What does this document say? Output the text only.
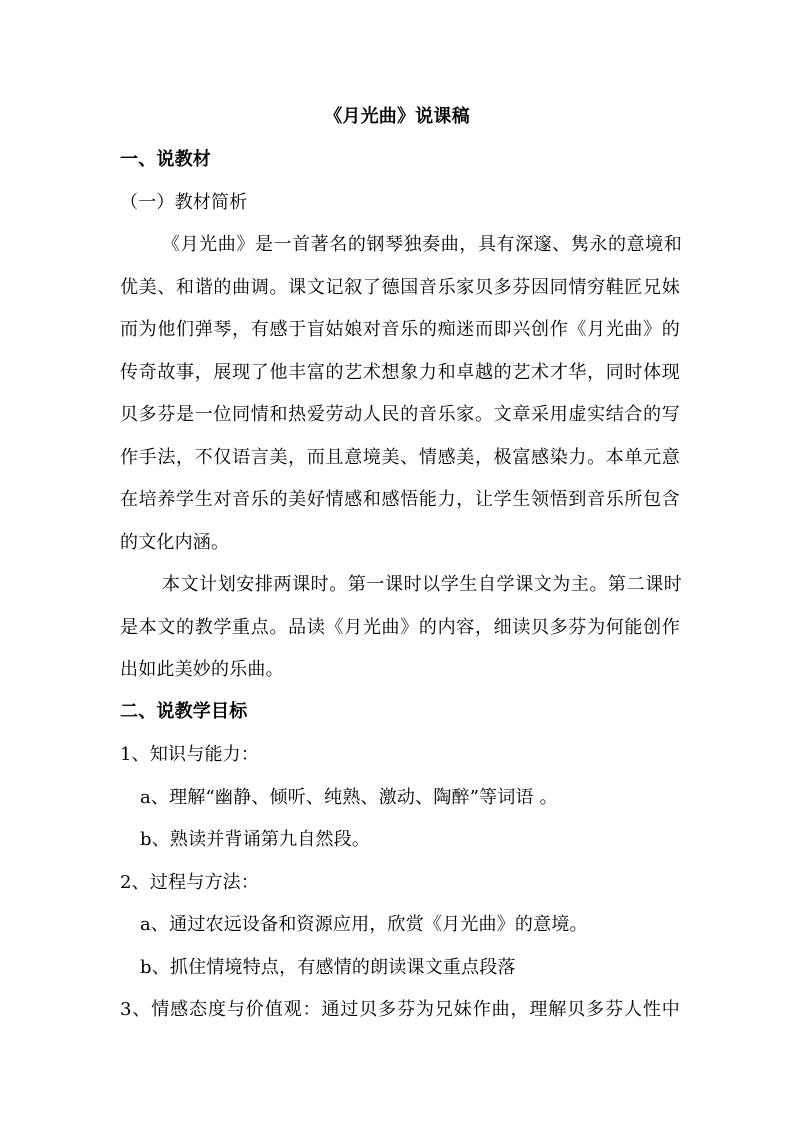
《月光曲》说课稿
一、说教材
（一）教材简析
《月光曲》是一首著名的钢琴独奏曲，具有深邃、隽永的意境和
优美、和谐的曲调。课文记叙了德国音乐家贝多芬因同情穷鞋匠兄妹
而为他们弹琴，有感于盲姑娘对音乐的痴迷而即兴创作《月光曲》的
传奇故事，展现了他丰富的艺术想象力和卓越的艺术才华，同时体现
贝多芬是一位同情和热爱劳动人民的音乐家。文章采用虚实结合的写
作手法，不仅语言美，而且意境美、情感美，极富感染力。本单元意
在培养学生对音乐的美好情感和感悟能力，让学生领悟到音乐所包含
的文化内涵。
本文计划安排两课时。第一课时以学生自学课文为主。第二课时
是本文的教学重点。品读《月光曲》的内容，细读贝多芬为何能创作
出如此美妙的乐曲。
二、说教学目标
1、知识与能力：
a、理解“幽静、倾听、纯熟、激动、陶醉”等词语 。
b、熟读并背诵第九自然段。
2、过程与方法：
a、通过农远设备和资源应用，欣赏《月光曲》的意境。
b、抓住情境特点，有感情的朗读课文重点段落
3、情感态度与价值观：通过贝多芬为兄妹作曲，理解贝多芬人性中
